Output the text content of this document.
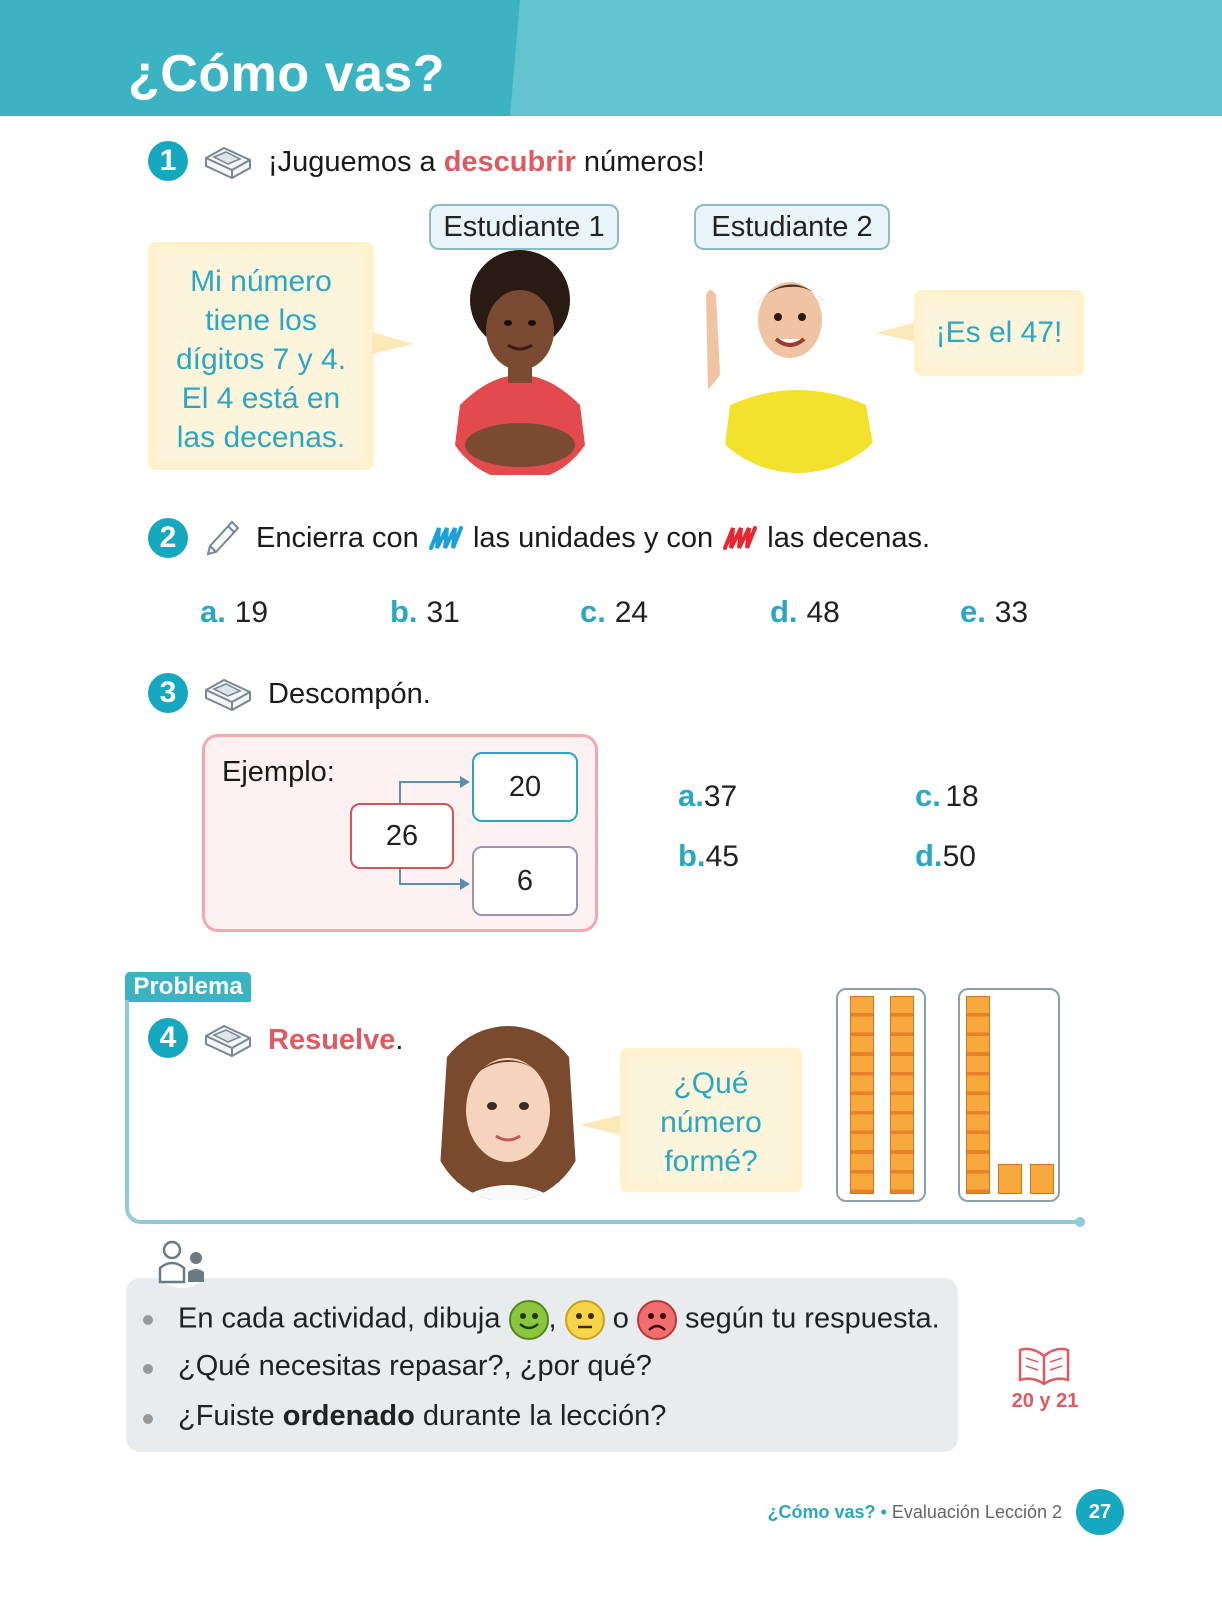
¿Cómo vas?
1	¡Juguemos a descubrir números!
Estudiante 1	Estudiante 2
Mi número
tiene los
dígitos 7 y 4.
El 4 está en
las decenas.
¡Es el 47!
2	Encierra con las unidades y con las decenas.
a. 19	b. 31	c. 24	d. 48	e. 33
3	Descompón.
Ejemplo:
26
20
6
a.37
b.45
c. 18
d.50
Problema
4	Resuelve.
¿Qué
número
formé?
En cada actividad, dibuja , o según tu respuesta.
¿Qué necesitas repasar?, ¿por qué?
¿Fuiste ordenado durante la lección?	20 y 21
¿Cómo vas? • Evaluación Lección 2	27
